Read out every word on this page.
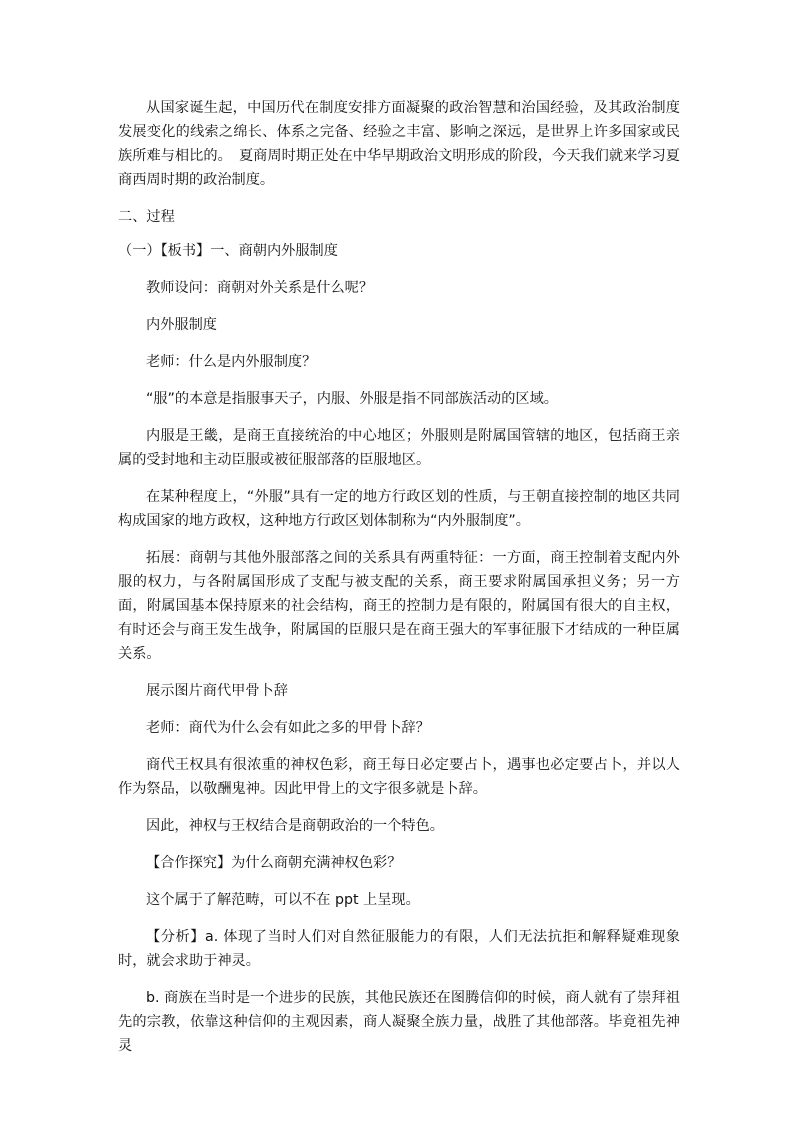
从国家诞生起，中国历代在制度安排方面凝聚的政治智慧和治国经验，及其政治制度发展变化的线索之绵长、体系之完备、经验之丰富、影响之深远，是世界上许多国家或民族所难与相比的。　夏商周时期正处在中华早期政治文明形成的阶段，今天我们就来学习夏商西周时期的政治制度。

二、过程

（一）【板书】一、商朝内外服制度

教师设问：商朝对外关系是什么呢？

内外服制度

老师：什么是内外服制度？

“服”的本意是指服事天子，内服、外服是指不同部族活动的区域。

内服是王畿，是商王直接统治的中心地区；外服则是附属国管辖的地区，包括商王亲属的受封地和主动臣服或被征服部落的臣服地区。

在某种程度上，“外服”具有一定的地方行政区划的性质，与王朝直接控制的地区共同构成国家的地方政权，这种地方行政区划体制称为“内外服制度”。

拓展：商朝与其他外服部落之间的关系具有两重特征：一方面，商王控制着支配内外服的权力，与各附属国形成了支配与被支配的关系，商王要求附属国承担义务；另一方面，附属国基本保持原来的社会结构，商王的控制力是有限的，附属国有很大的自主权，有时还会与商王发生战争，附属国的臣服只是在商王强大的军事征服下才结成的一种臣属关系。

展示图片商代甲骨卜辞

老师：商代为什么会有如此之多的甲骨卜辞？

商代王权具有很浓重的神权色彩，商王每日必定要占卜，遇事也必定要占卜，并以人作为祭品，以敬酬鬼神。因此甲骨上的文字很多就是卜辞。

因此，神权与王权结合是商朝政治的一个特色。

【合作探究】为什么商朝充满神权色彩？

这个属于了解范畴，可以不在 ppt 上呈现。

【分析】a. 体现了当时人们对自然征服能力的有限，人们无法抗拒和解释疑难现象时，就会求助于神灵。

b. 商族在当时是一个进步的民族，其他民族还在图腾信仰的时候，商人就有了崇拜祖先的宗教，依靠这种信仰的主观因素，商人凝聚全族力量，战胜了其他部落。毕竟祖先神灵
